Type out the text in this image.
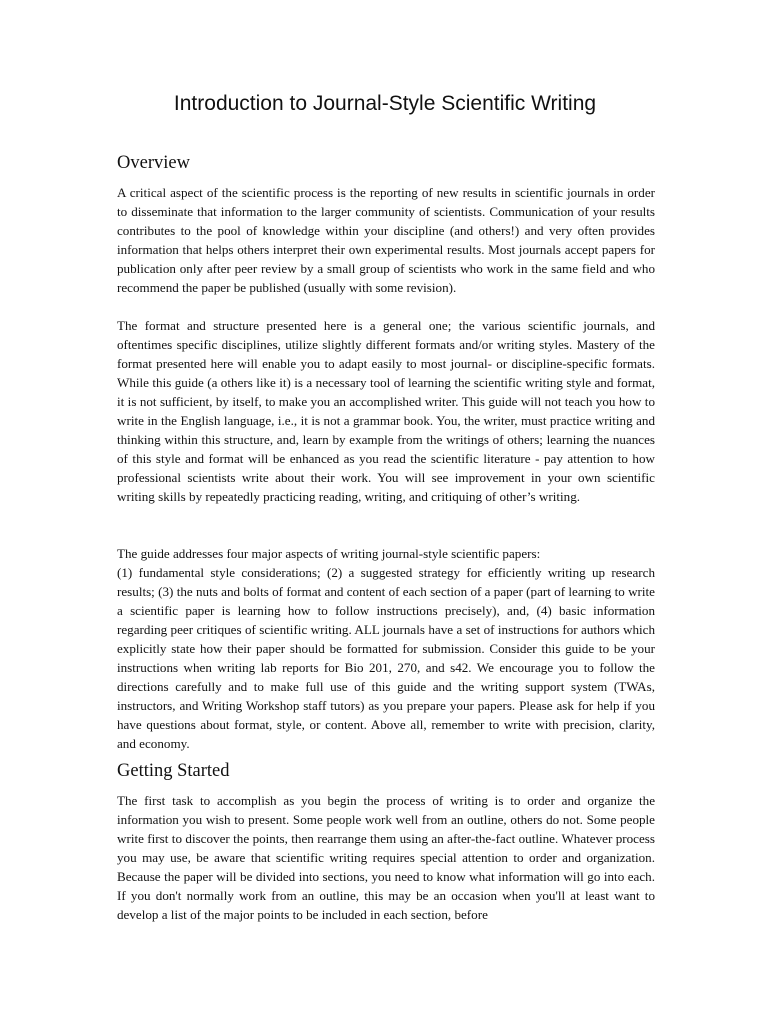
Introduction to Journal-Style Scientific Writing
Overview

A critical aspect of the scientific process is the reporting of new results in scientific journals in order to disseminate that information to the larger community of scientists. Communication of your results contributes to the pool of knowledge within your discipline (and others!) and very often provides information that helps others interpret their own experimental results. Most journals accept papers for publication only after peer review by a small group of scientists who work in the same field and who recommend the paper be published (usually with some revision).

The format and structure presented here is a general one; the various scientific journals, and oftentimes specific disciplines, utilize slightly different formats and/or writing styles. Mastery of the format presented here will enable you to adapt easily to most journal- or discipline-specific formats. While this guide (a others like it) is a necessary tool of learning the scientific writing style and format, it is not sufficient, by itself, to make you an accomplished writer. This guide will not teach you how to write in the English language, i.e., it is not a grammar book. You, the writer, must practice writing and thinking within this structure, and, learn by example from the writings of others; learning the nuances of this style and format will be enhanced as you read the scientific literature - pay attention to how professional scientists write about their work. You will see improvement in your own scientific writing skills by repeatedly practicing reading, writing, and critiquing of other’s writing.

The guide addresses four major aspects of writing journal-style scientific papers:

(1) fundamental style considerations; (2) a suggested strategy for efficiently writing up research results; (3) the nuts and bolts of format and content of each section of a paper (part of learning to write a scientific paper is learning how to follow instructions precisely), and, (4) basic information regarding peer critiques of scientific writing. ALL journals have a set of instructions for authors which explicitly state how their paper should be formatted for submission. Consider this guide to be your instructions when writing lab reports for Bio 201, 270, and s42. We encourage you to follow the directions carefully and to make full use of this guide and the writing support system (TWAs, instructors, and Writing Workshop staff tutors) as you prepare your papers. Please ask for help if you have questions about format, style, or content. Above all, remember to write with precision, clarity, and economy.

Getting Started

The first task to accomplish as you begin the process of writing is to order and organize the information you wish to present. Some people work well from an outline, others do not. Some people write first to discover the points, then rearrange them using an after-the-fact outline. Whatever process you may use, be aware that scientific writing requires special attention to order and organization. Because the paper will be divided into sections, you need to know what information will go into each. If you don't normally work from an outline, this may be an occasion when you'll at least want to develop a list of the major points to be included in each section, before
